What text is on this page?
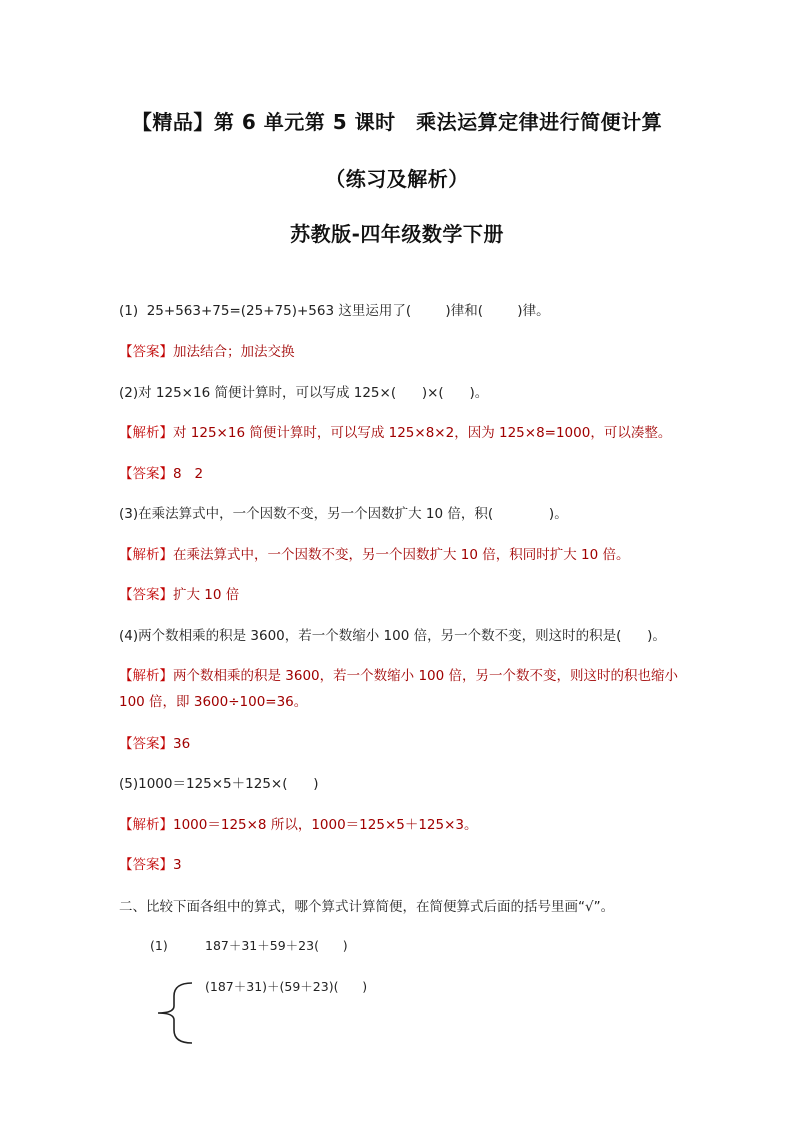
【精品】第 6 单元第 5 课时　乘法运算定律进行简便计算
（练习及解析）
苏教版-四年级数学下册
(1)  25+563+75=(25+75)+563 这里运用了(        )律和(        )律。
【答案】加法结合；加法交换
(2)对 125×16 简便计算时，可以写成 125×(      )×(      )。
【解析】对 125×16 简便计算时，可以写成 125×8×2，因为 125×8=1000，可以凑整。
【答案】8   2
(3)在乘法算式中，一个因数不变，另一个因数扩大 10 倍，积(             )。
【解析】在乘法算式中，一个因数不变，另一个因数扩大 10 倍，积同时扩大 10 倍。
【答案】扩大 10 倍
(4)两个数相乘的积是 3600，若一个数缩小 100 倍，另一个数不变，则这时的积是(      )。
【解析】两个数相乘的积是 3600，若一个数缩小 100 倍，另一个数不变，则这时的积也缩小 100 倍，即 3600÷100=36。
【答案】36
(5)1000＝125×5＋125×(      )
【解析】1000＝125×8 所以，1000＝125×5＋125×3。
【答案】3
二、比较下面各组中的算式，哪个算式计算简便，在简便算式后面的括号里画“√”。
(1)	187＋31＋59＋23(      )
(187＋31)＋(59＋23)(      )
